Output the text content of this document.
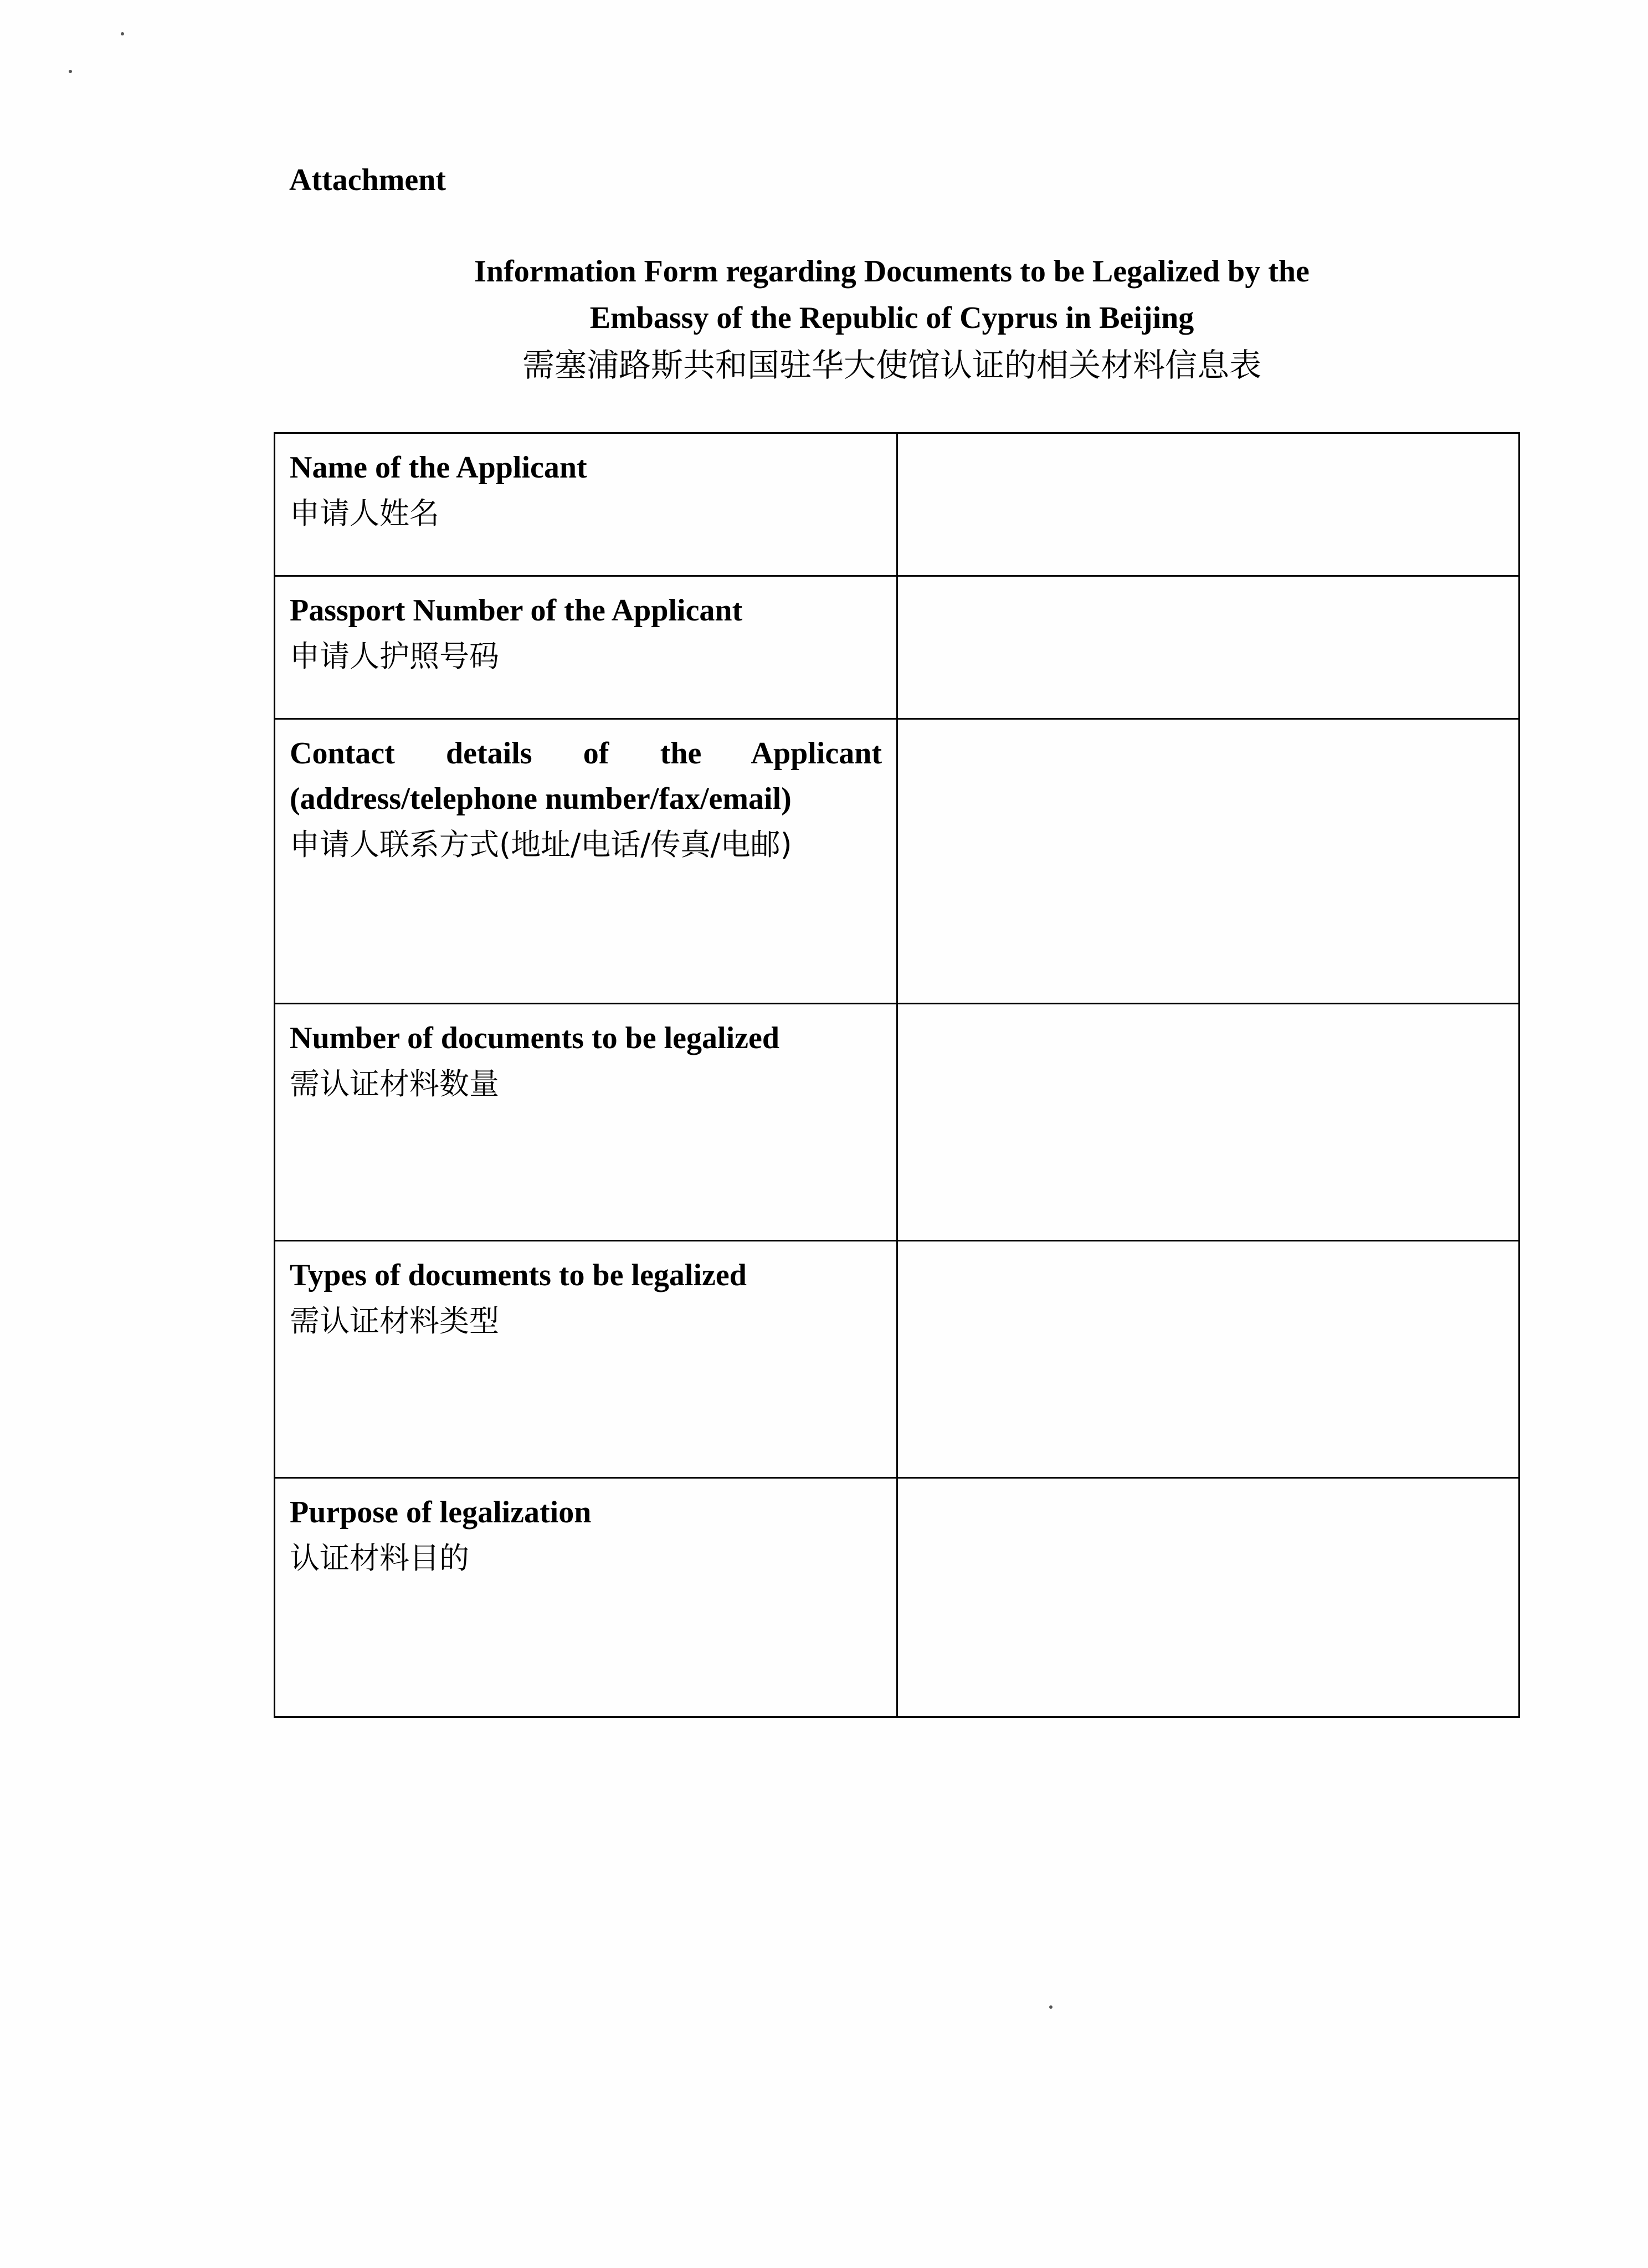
Attachment
Information Form regarding Documents to be Legalized by the
Embassy of the Republic of Cyprus in Beijing
需塞浦路斯共和国驻华大使馆认证的相关材料信息表
Name of the Applicant
申请人姓名	

Passport Number of the Applicant
申请人护照号码	

Contact details of the Applicant
(address/telephone number/fax/email)
申请人联系方式(地址/电话/传真/电邮)	

Number of documents to be legalized
需认证材料数量	

Types of documents to be legalized
需认证材料类型	

Purpose of legalization
认证材料目的	
